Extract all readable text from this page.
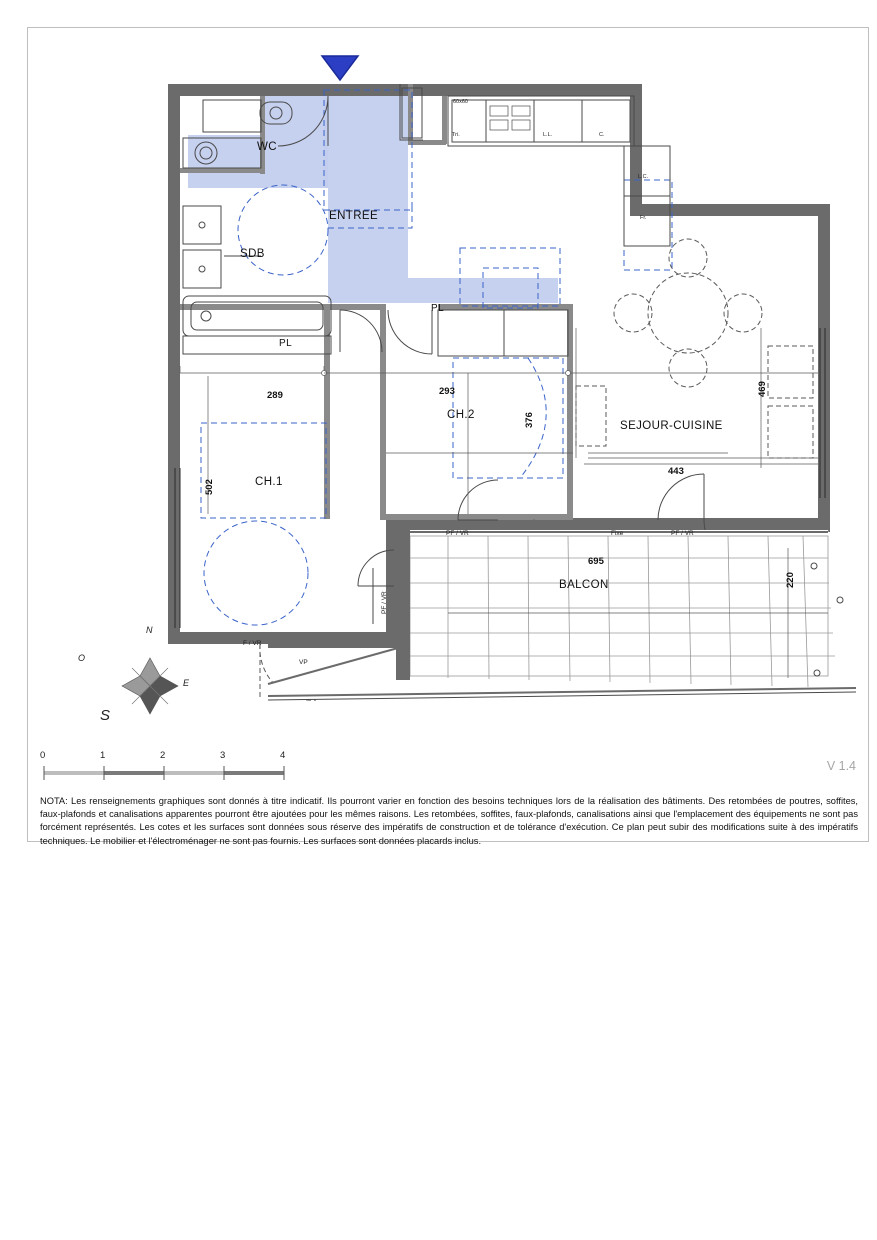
WC
ENTREE
SDB
PL
PL
CH.1
CH.2
SEJOUR-CUISINE
BALCON
289	293
376
502
443
469
695
220
Tri.	L.L.	C.
L.C.
Fr.
60x60
PF / VR	Fixe	PF / VR
PF / VR
F / VR
VP
N
O
E
S
V 1.4
0	1	2	3	4
NOTA: Les renseignements graphiques sont donnés à titre indicatif. Ils pourront varier en fonction des besoins techniques lors de la réalisation des bâtiments. Des retombées de poutres, soffites, faux-plafonds et canalisations apparentes pourront être ajoutées pour les mêmes raisons. Les retombées, soffites, faux-plafonds, canalisations ainsi que l'emplacement des équipements ne sont pas forcément représentés. Les cotes et les surfaces sont données sous réserve des impératifs de construction et de tolérance d'exécution. Ce plan peut subir des modifications suite à des impératifs techniques. Le mobilier et l'électroménager ne sont pas fournis. Les surfaces sont données placards inclus.
